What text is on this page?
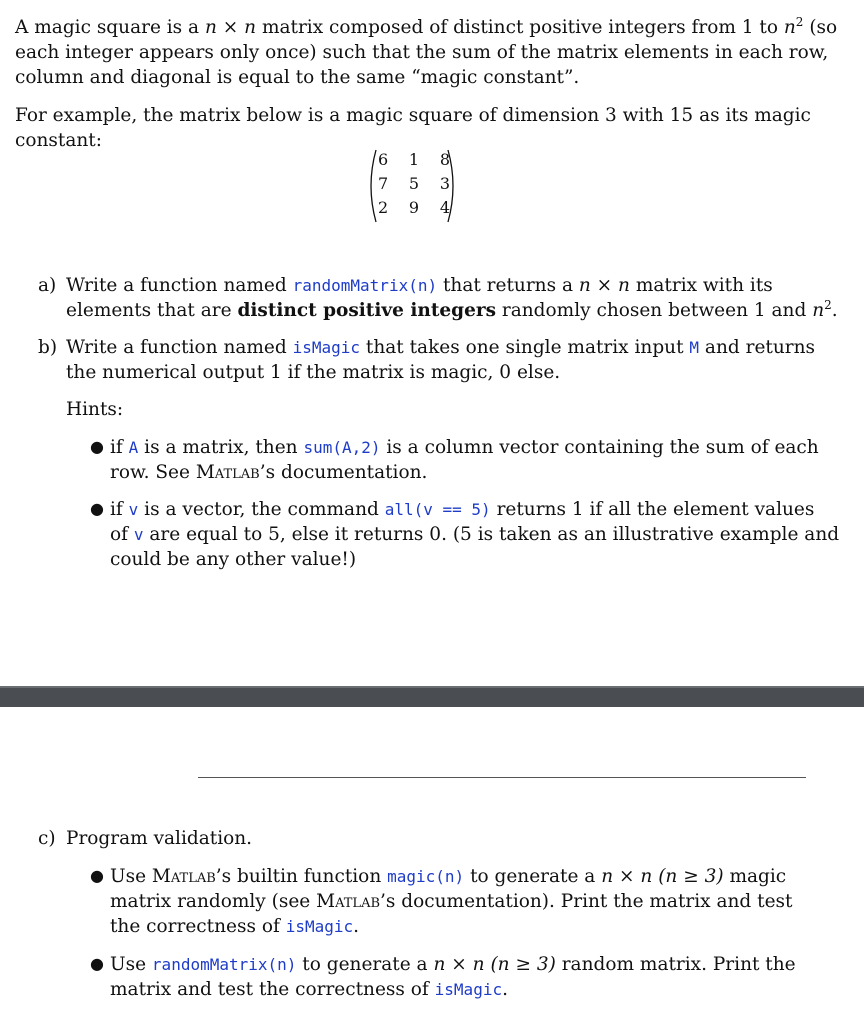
A magic square is a n × n matrix composed of distinct positive integers from 1 to $n^2$ (so
each integer appears only once) such that the sum of the matrix elements in each row,
column and diagonal is equal to the same “magic constant”.
For example, the matrix below is a magic square of dimension 3 with 15 as its magic
constant:
6 1 8
7 5 3
2 9 4
a) Write a function named randomMatrix(n) that returns a n × n matrix with its
elements that are distinct positive integers randomly chosen between 1 and $n^2$.
b) Write a function named isMagic that takes one single matrix input M and returns
the numerical output 1 if the matrix is magic, 0 else.
Hints:
● if A is a matrix, then sum(A,2) is a column vector containing the sum of each
row. See Matlab’s documentation.
● if v is a vector, the command all(v == 5) returns 1 if all the element values
of v are equal to 5, else it returns 0. (5 is taken as an illustrative example and
could be any other value!)
c) Program validation.
● Use Matlab’s builtin function magic(n) to generate a n × n (n ≥ 3) magic
matrix randomly (see Matlab’s documentation). Print the matrix and test
the correctness of isMagic.
● Use randomMatrix(n) to generate a n × n (n ≥ 3) random matrix. Print the
matrix and test the correctness of isMagic.
